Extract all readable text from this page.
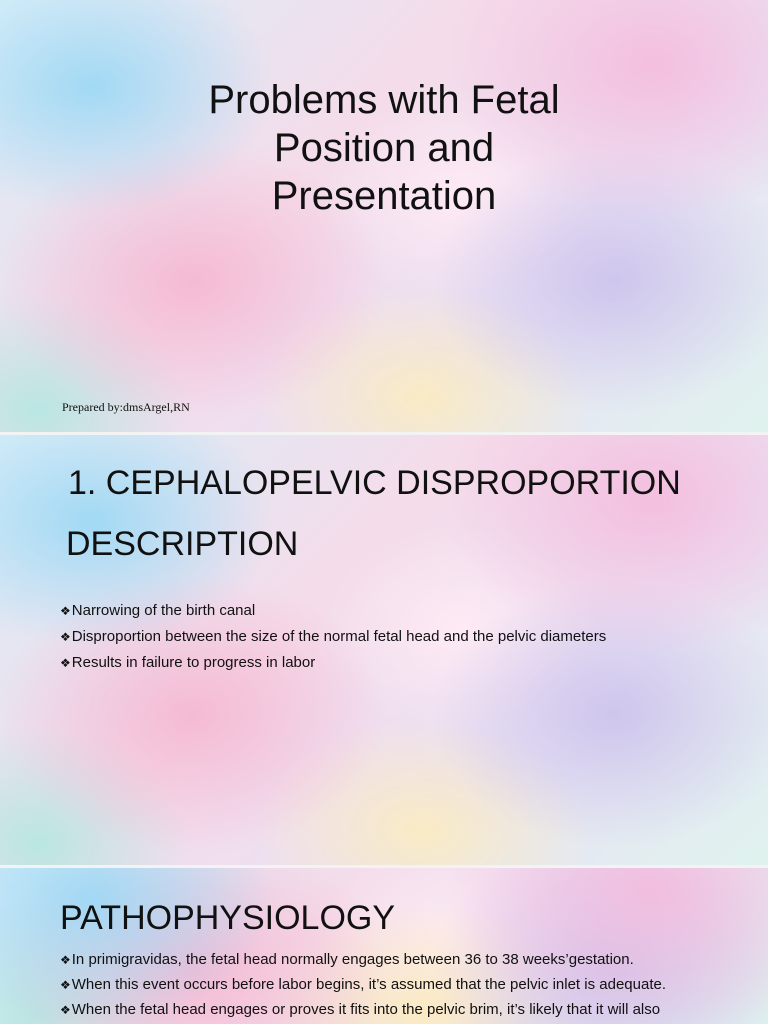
Problems with Fetal
Position and
Presentation
Prepared by:dmsArgel,RN
1. CEPHALOPELVIC DISPROPORTION
DESCRIPTION
❖Narrowing of the birth canal
❖Disproportion between the size of the normal fetal head and the pelvic diameters
❖Results in failure to progress in labor
PATHOPHYSIOLOGY
❖In primigravidas, the fetal head normally engages between 36 to 38 weeks’gestation.
❖When this event occurs before labor begins, it’s assumed that the pelvic inlet is adequate.
❖When the fetal head engages or proves it fits into the pelvic brim, it’s likely that it will also
